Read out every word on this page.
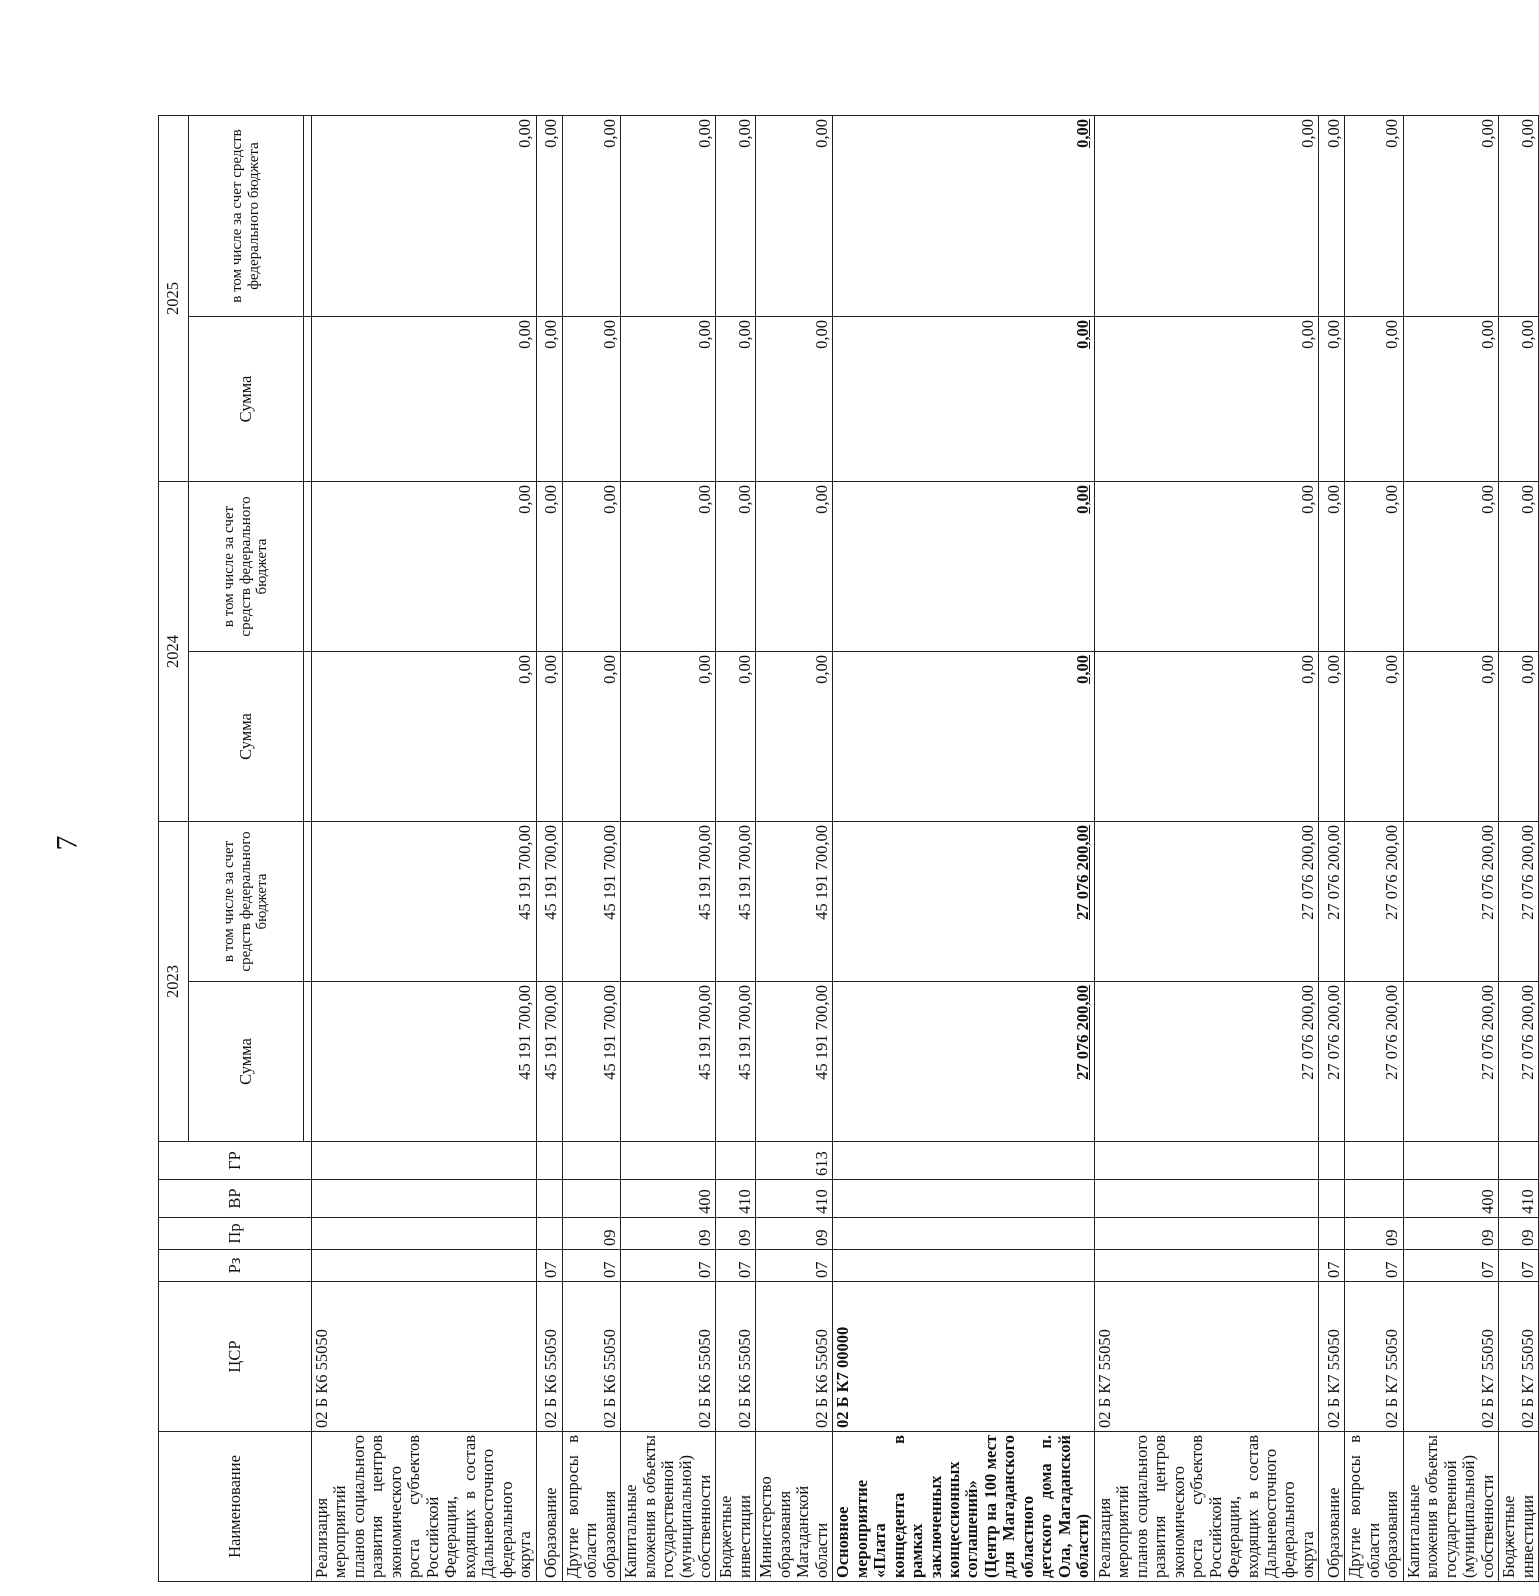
7
Наименование	ЦСР	Рз	Пр	ВР	ГР	2023		2024		2025	
						Сумма	в том числе за счет средств федерального бюджета	Сумма	в том числе за счет средств федерального бюджета	Сумма	в том числе за счет средств федерального бюджета

Реализация мероприятий планов социального развития центров экономического роста субъектов Российской Федерации, входящих в состав Дальневосточного федерального округа	02 Б К6 55050					45 191 700,00	45 191 700,00	0,00	0,00	0,00	0,00
Образование	02 Б К6 55050	07				45 191 700,00	45 191 700,00	0,00	0,00	0,00	0,00
Другие вопросы в области образования	02 Б К6 55050	07	09			45 191 700,00	45 191 700,00	0,00	0,00	0,00	0,00
Капитальные вложения в объекты государственной (муниципальной) собственности	02 Б К6 55050	07	09	400		45 191 700,00	45 191 700,00	0,00	0,00	0,00	0,00
Бюджетные инвестиции	02 Б К6 55050	07	09	410		45 191 700,00	45 191 700,00	0,00	0,00	0,00	0,00
Министерство образования Магаданской области	02 Б К6 55050	07	09	410	613	45 191 700,00	45 191 700,00	0,00	0,00	0,00	0,00
Основное мероприятие «Плата концедента в рамках заключенных концессионных соглашений» (Центр на 100 мест для Магаданского областного детского дома п. Ола, Магаданской области)	02 Б К7 00000					27 076 200,00	27 076 200,00	0,00	0,00	0,00	0,00
Реализация мероприятий планов социального развития центров экономического роста субъектов Российской Федерации, входящих в состав Дальневосточного федерального округа	02 Б К7 55050					27 076 200,00	27 076 200,00	0,00	0,00	0,00	0,00
Образование	02 Б К7 55050	07				27 076 200,00	27 076 200,00	0,00	0,00	0,00	0,00
Другие вопросы в области образования	02 Б К7 55050	07	09			27 076 200,00	27 076 200,00	0,00	0,00	0,00	0,00
Капитальные вложения в объекты государственной (муниципальной) собственности	02 Б К7 55050	07	09	400		27 076 200,00	27 076 200,00	0,00	0,00	0,00	0,00
Бюджетные инвестиции	02 Б К7 55050	07	09	410		27 076 200,00	27 076 200,00	0,00	0,00	0,00	0,00
